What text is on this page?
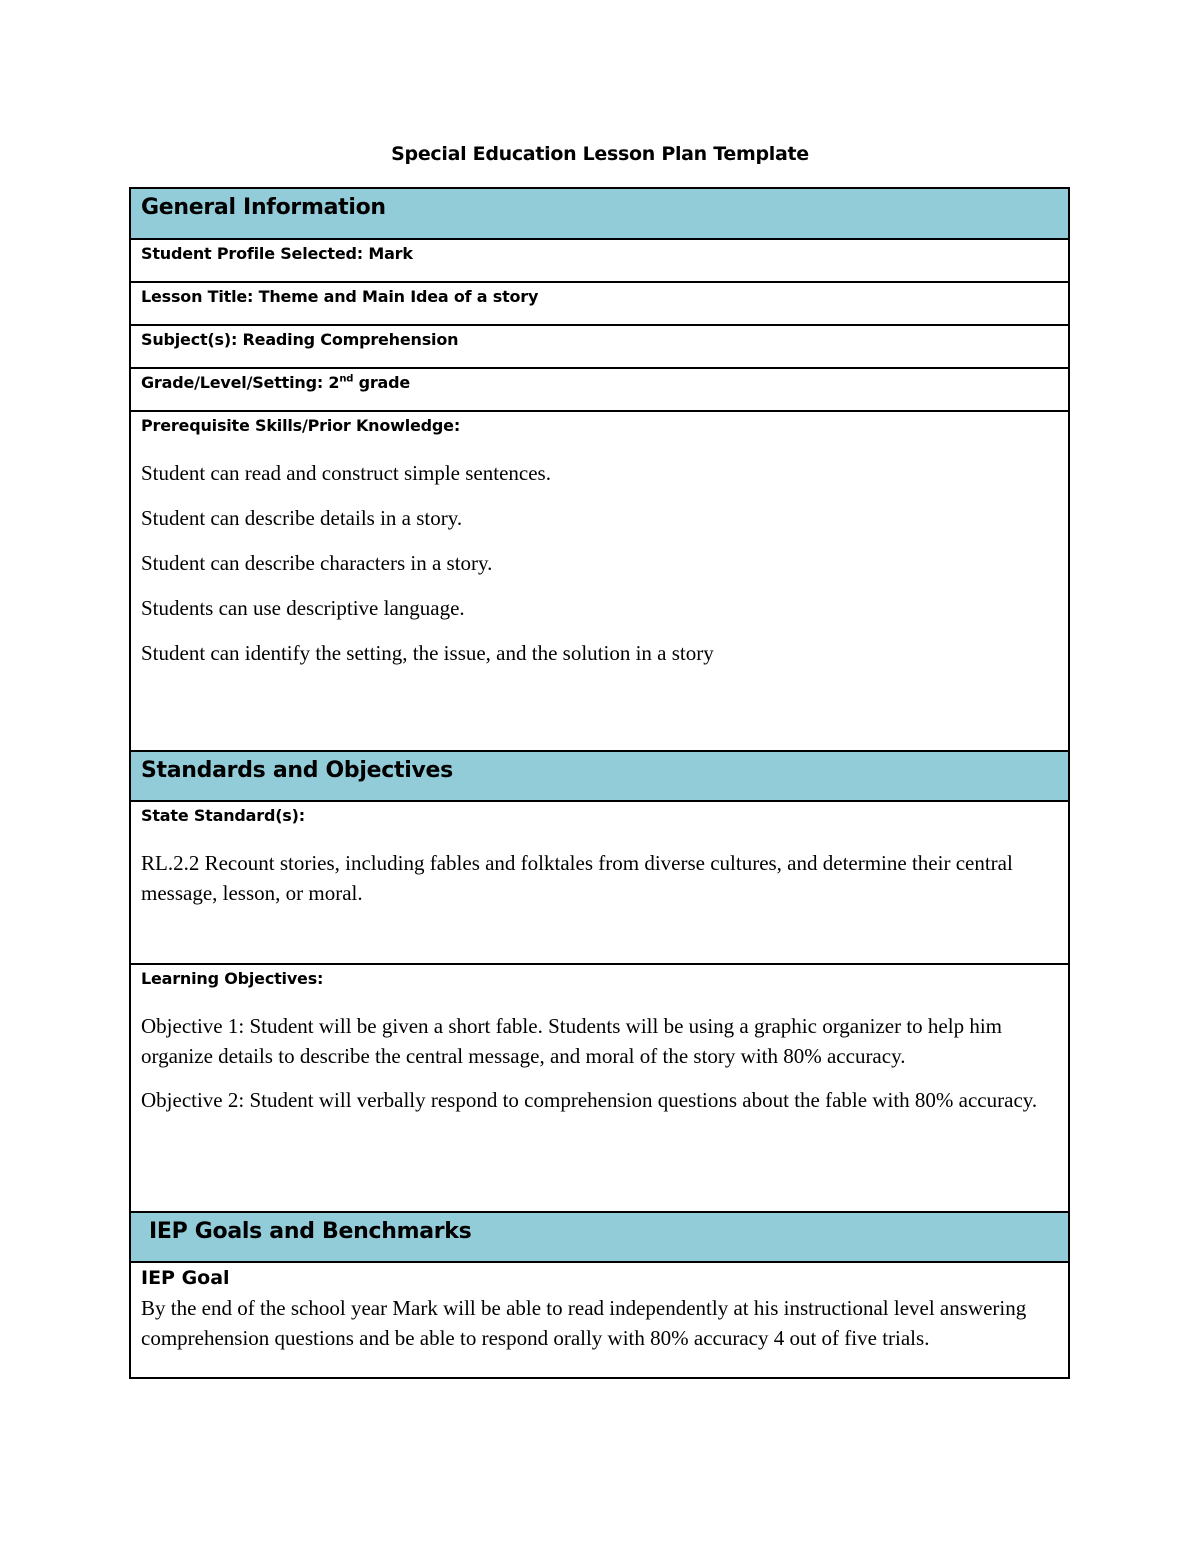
Special Education Lesson Plan Template
General Information
Student Profile Selected: Mark
Lesson Title: Theme and Main Idea of a story
Subject(s): Reading Comprehension
Grade/Level/Setting: 2nd grade
Prerequisite Skills/Prior Knowledge:

Student can read and construct simple sentences.

Student can describe details in a story.

Student can describe characters in a story.

Students can use descriptive language.

Student can identify the setting, the issue, and the solution in a story

Standards and Objectives
State Standard(s):

RL.2.2 Recount stories, including fables and folktales from diverse cultures, and determine their central message, lesson, or moral.

Learning Objectives:

Objective 1: Student will be given a short fable. Students will be using a graphic organizer to help him organize details to describe the central message, and moral of the story with 80% accuracy.

Objective 2: Student will verbally respond to comprehension questions about the fable with 80% accuracy.

IEP Goals and Benchmarks
IEP Goal

By the end of the school year Mark will be able to read independently at his instructional level answering comprehension questions and be able to respond orally with 80% accuracy 4 out of five trials.
